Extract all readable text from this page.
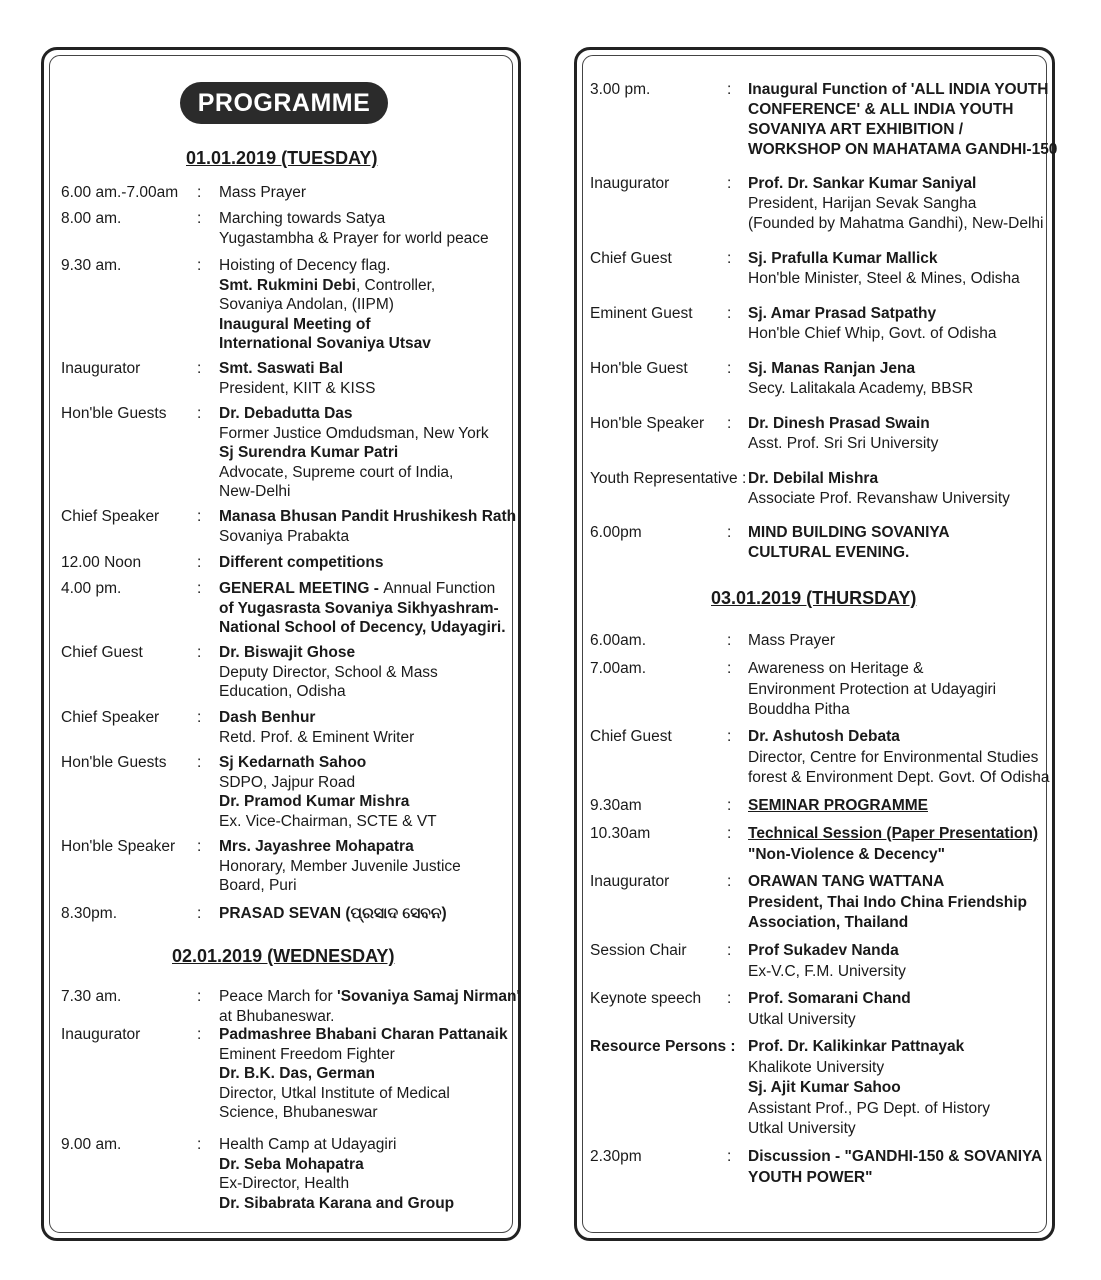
PROGRAMME
01.01.2019 (TUESDAY)
02.01.2019 (WEDNESDAY)
03.01.2019 (THURSDAY)
6.00 am.-7.00am : Mass Prayer
8.00 am.	: Marching towards Satya
Yugastambha & Prayer for world peace
9.30 am.	: Hoisting of Decency flag.
Smt. Rukmini Debi, Controller,
Sovaniya Andolan, (IIPM)
Inaugural Meeting of
International Sovaniya Utsav
Inaugurator	: Smt. Saswati Bal
President, KIIT & KISS
Hon'ble Guests : Dr. Debadutta Das
Former Justice Omdudsman, New York
Sj Surendra Kumar Patri
Advocate, Supreme court of India,
New-Delhi
Chief Speaker : Manasa Bhusan Pandit Hrushikesh Rath
Sovaniya Prabakta
12.00 Noon	: Different competitions
4.00 pm.	: GENERAL MEETING - Annual Function
of Yugasrasta Sovaniya Sikhyashram-
National School of Decency, Udayagiri.
Chief Guest	: Dr. Biswajit Ghose
Deputy Director, School & Mass
Education, Odisha
Chief Speaker : Dash Benhur
Retd. Prof. & Eminent Writer
Hon'ble Guests : Sj Kedarnath Sahoo
SDPO, Jajpur Road
Dr. Pramod Kumar Mishra
Ex. Vice-Chairman, SCTE & VT
Hon'ble Speaker : Mrs. Jayashree Mohapatra
Honorary, Member Juvenile Justice
Board, Puri
8.30pm.	: PRASAD SEVAN (ପ୍ରସାଦ ସେବନ)
7.30 am.	: Peace March for 'Sovaniya Samaj Nirman'
at Bhubaneswar.
Inaugurator	: Padmashree Bhabani Charan Pattanaik
Eminent Freedom Fighter
Dr. B.K. Das, German
Director, Utkal Institute of Medical
Science, Bhubaneswar
9.00 am.	: Health Camp at Udayagiri
Dr. Seba Mohapatra
Ex-Director, Health
Dr. Sibabrata Karana and Group
3.00 pm.	: Inaugural Function of 'ALL INDIA YOUTH
CONFERENCE' & ALL INDIA YOUTH
SOVANIYA ART EXHIBITION /
WORKSHOP ON MAHATAMA GANDHI-150
Inaugurator	: Prof. Dr. Sankar Kumar Saniyal
President, Harijan Sevak Sangha
(Founded by Mahatma Gandhi), New-Delhi
Chief Guest	: Sj. Prafulla Kumar Mallick
Hon'ble Minister, Steel & Mines, Odisha
Eminent Guest : Sj. Amar Prasad Satpathy
Hon'ble Chief Whip, Govt. of Odisha
Hon'ble Guest	: Sj. Manas Ranjan Jena
Secy. Lalitakala Academy, BBSR
Hon'ble Speaker : Dr. Dinesh Prasad Swain
Asst. Prof. Sri Sri University
Youth Representative : Dr. Debilal Mishra
Associate Prof. Revanshaw University
6.00pm	: MIND BUILDING SOVANIYA
CULTURAL EVENING.
6.00am.	: Mass Prayer
7.00am.	: Awareness on Heritage &
Environment Protection at Udayagiri
Bouddha Pitha
Chief Guest	: Dr. Ashutosh Debata
Director, Centre for Environmental Studies
forest & Environment Dept. Govt. Of Odisha
9.30am	: SEMINAR PROGRAMME
10.30am	: Technical Session (Paper Presentation)
"Non-Violence & Decency"
Inaugurator	: ORAWAN TANG WATTANA
President, Thai Indo China Friendship
Association, Thailand
Session Chair	: Prof Sukadev Nanda
Ex-V.C, F.M. University
Keynote speech : Prof. Somarani Chand
Utkal University
Resource Persons : Prof. Dr. Kalikinkar Pattnayak
Khalikote University
Sj. Ajit Kumar Sahoo
Assistant Prof., PG Dept. of History
Utkal University
2.30pm	: Discussion - "GANDHI-150 & SOVANIYA
YOUTH POWER"
